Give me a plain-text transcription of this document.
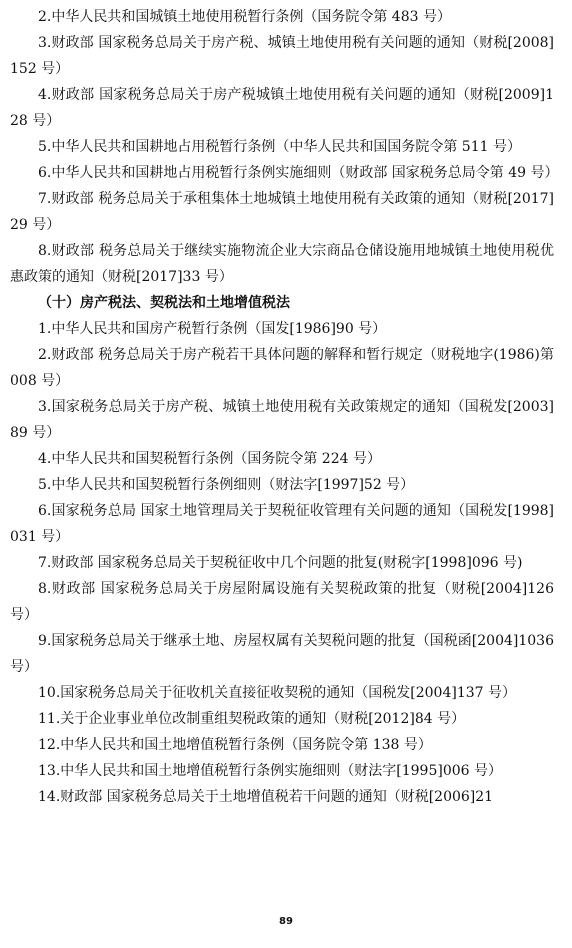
2.中华人民共和国城镇土地使用税暂行条例（国务院令第 483 号）

3.财政部 国家税务总局关于房产税、城镇土地使用税有关问题的通知（财税[2008]152 号）

4.财政部 国家税务总局关于房产税城镇土地使用税有关问题的通知（财税[2009]128 号）

5.中华人民共和国耕地占用税暂行条例（中华人民共和国国务院令第 511 号）

6.中华人民共和国耕地占用税暂行条例实施细则（财政部 国家税务总局令第 49 号）

7.财政部 税务总局关于承租集体土地城镇土地使用税有关政策的通知（财税[2017]29 号）

8.财政部 税务总局关于继续实施物流企业大宗商品仓储设施用地城镇土地使用税优惠政策的通知（财税[2017]33 号）

（十）房产税法、契税法和土地增值税法

1.中华人民共和国房产税暂行条例（国发[1986]90 号）

2.财政部 税务总局关于房产税若干具体问题的解释和暂行规定（财税地字(1986)第 008 号）

3.国家税务总局关于房产税、城镇土地使用税有关政策规定的通知（国税发[2003]89 号）

4.中华人民共和国契税暂行条例（国务院令第 224 号）

5.中华人民共和国契税暂行条例细则（财法字[1997]52 号）

6.国家税务总局 国家土地管理局关于契税征收管理有关问题的通知（国税发[1998]031 号）

7.财政部 国家税务总局关于契税征收中几个问题的批复(财税字[1998]096 号)

8.财政部 国家税务总局关于房屋附属设施有关契税政策的批复（财税[2004]126 号）

9.国家税务总局关于继承土地、房屋权属有关契税问题的批复（国税函[2004]1036 号）

10.国家税务总局关于征收机关直接征收契税的通知（国税发[2004]137 号）

11.关于企业事业单位改制重组契税政策的通知（财税[2012]84 号）

12.中华人民共和国土地增值税暂行条例（国务院令第 138 号）

13.中华人民共和国土地增值税暂行条例实施细则（财法字[1995]006 号）

14.财政部 国家税务总局关于土地增值税若干问题的通知（财税[2006]21

89
